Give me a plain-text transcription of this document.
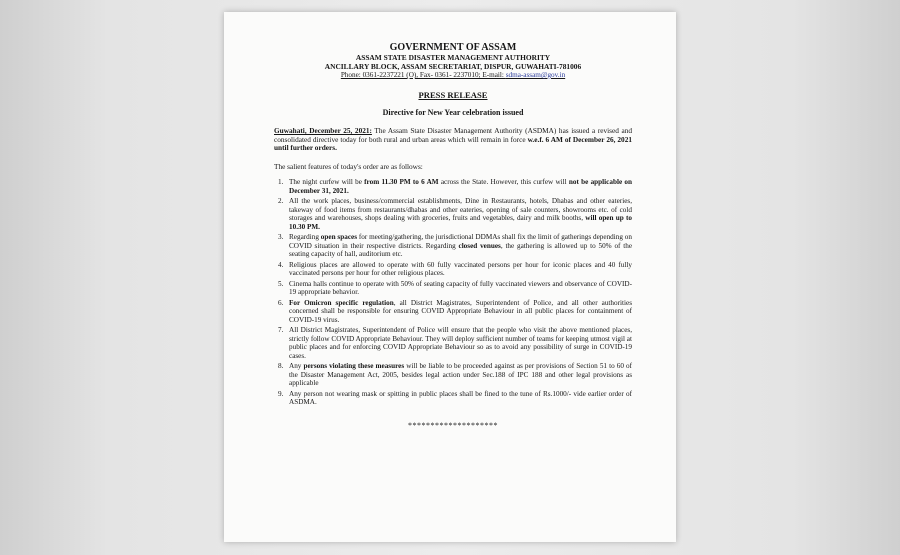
GOVERNMENT OF ASSAM
ASSAM STATE DISASTER MANAGEMENT AUTHORITY
ANCILLARY BLOCK, ASSAM SECRETARIAT, DISPUR, GUWAHATI-781006
Phone: 0361-2237221 (O), Fax- 0361- 2237010; E-mail: sdma-assam@gov.in
PRESS RELEASE
Directive for New Year celebration issued
Guwahati, December 25, 2021: The Assam State Disaster Management Authority (ASDMA) has issued a revised and consolidated directive today for both rural and urban areas which will remain in force w.e.f. 6 AM of December 26, 2021 until further orders.
The salient features of today's order are as follows:
1. The night curfew will be from 11.30 PM to 6 AM across the State. However, this curfew will not be applicable on December 31, 2021.
2. All the work places, business/commercial establishments, Dine in Restaurants, hotels, Dhabas and other eateries, takeway of food items from restaurants/dhabas and other eateries, opening of sale counters, showrooms etc. of cold storages and warehouses, shops dealing with groceries, fruits and vegetables, dairy and milk booths, will open up to 10.30 PM.
3. Regarding open spaces for meeting/gathering, the jurisdictional DDMAs shall fix the limit of gatherings depending on COVID situation in their respective districts. Regarding closed venues, the gathering is allowed up to 50% of the seating capacity of hall, auditorium etc.
4. Religious places are allowed to operate with 60 fully vaccinated persons per hour for iconic places and 40 fully vaccinated persons per hour for other religious places.
5. Cinema halls continue to operate with 50% of seating capacity of fully vaccinated viewers and observance of COVID-19 appropriate behavior.
6. For Omicron specific regulation, all District Magistrates, Superintendent of Police, and all other authorities concerned shall be responsible for ensuring COVID Appropriate Behaviour in all public places for containment of COVID-19 virus.
7. All District Magistrates, Superintendent of Police will ensure that the people who visit the above mentioned places, strictly follow COVID Appropriate Behaviour. They will deploy sufficient number of teams for keeping utmost vigil at public places and for enforcing COVID Appropriate Behaviour so as to avoid any possibility of surge in COVID-19 cases.
8. Any persons violating these measures will be liable to be proceeded against as per provisions of Section 51 to 60 of the Disaster Management Act, 2005, besides legal action under Sec.188 of IPC 188 and other legal provisions as applicable
9. Any person not wearing mask or spitting in public places shall be fined to the tune of Rs.1000/- vide earlier order of ASDMA.
********************
